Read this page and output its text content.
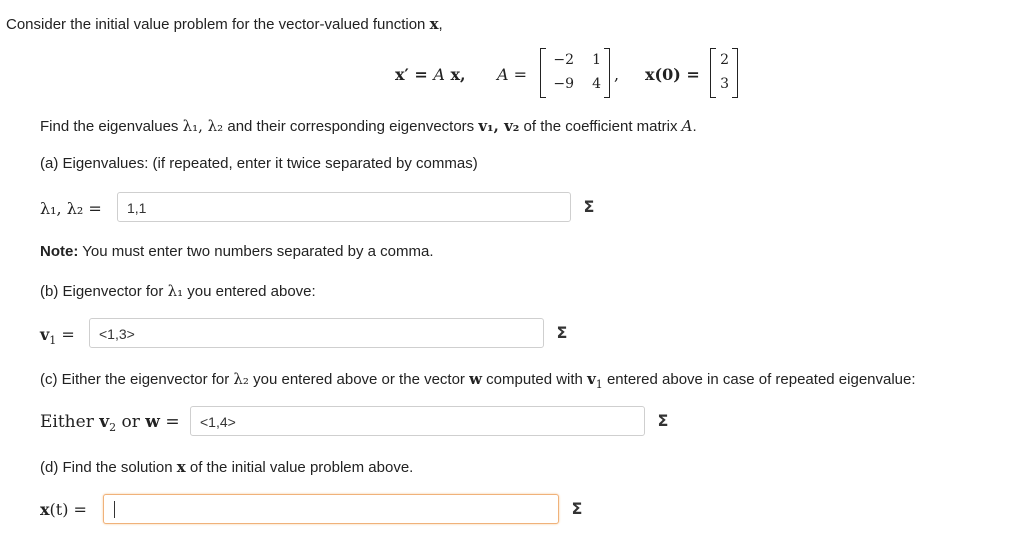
Consider the initial value problem for the vector-valued function x,
x′ = A x, A =
−2 1
−9 4 , x(0) =
2
3
Find the eigenvalues λ₁, λ₂ and their corresponding eigenvectors v₁, v₂ of the coefficient matrix A.
(a) Eigenvalues: (if repeated, enter it twice separated by commas)
λ₁, λ₂ = 1,1	Σ
Note: You must enter two numbers separated by a comma.
(b) Eigenvector for λ₁ you entered above:
$v_1 = <1,3>$	Σ
(c) Either the eigenvector for λ₂ you entered above or the vector w computed with $v_1$ entered above in case of repeated eigenvalue:
Either $v_2$ or w = <1,4>	Σ
(d) Find the solution x of the initial value problem above.
x(t) =	Σ
